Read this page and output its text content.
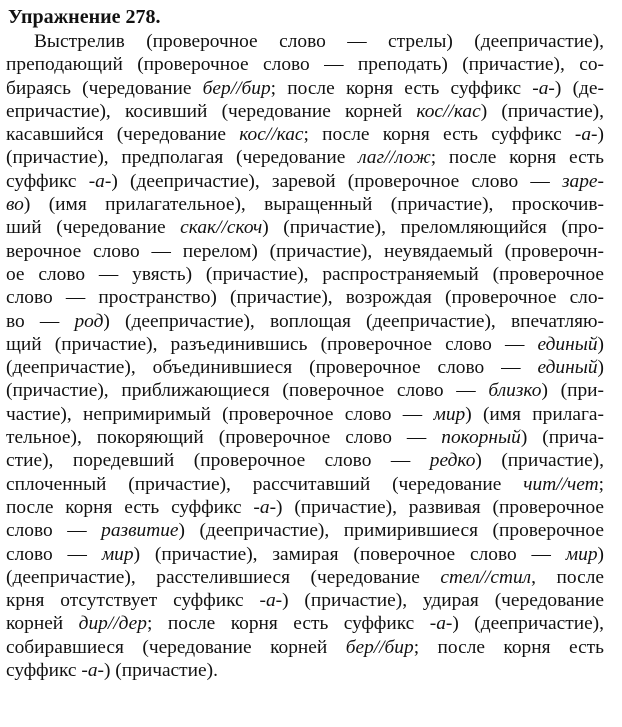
Упражнение 278.
Выстрелив (проверочное слово — стрелы) (деепричастие),
преподающий (проверочное слово — преподать) (причастие), со-
бираясь (чередование бер//бир; после корня есть суффикс -а-) (де-
епричастие), косивший (чередование корней кос//кас) (причастие),
касавшийся (чередование кос//кас; после корня есть суффикс -а-)
(причастие), предполагая (чередование лаг//лож; после корня есть
суффикс -а-) (деепричастие), заревой (проверочное слово — заре-
во) (имя прилагательное), выращенный (причастие), проскочив-
ший (чередование скак//скоч) (причастие), преломляющийся (про-
верочное слово — перелом) (причастие), неувядаемый (проверочн-
ое слово — увясть) (причастие), распространяемый (проверочное
слово — пространство) (причастие), возрождая (проверочное сло-
во — род) (деепричастие), воплощая (деепричастие), впечатляю-
щий (причастие), разъединившись (проверочное слово — единый)
(деепричастие), объединившиеся (проверочное слово — единый)
(причастие), приближающиеся (поверочное слово — близко) (при-
частие), непримиримый (проверочное слово — мир) (имя прилага-
тельное), покоряющий (проверочное слово — покорный) (прича-
стие), поредевший (проверочное слово — редко) (причастие),
сплоченный (причастие), рассчитавший (чередование чит//чет;
после корня есть суффикс -а-) (причастие), развивая (проверочное
слово — развитие) (деепричастие), примирившиеся (проверочное
слово — мир) (причастие), замирая (поверочное слово — мир)
(деепричастие), расстелившиеся (чередование стел//стил, после
крня отсутствует суффикс -а-) (причастие), удирая (чередование
корней дир//дер; после корня есть суффикс -а-) (деепричастие),
собиравшиеся (чередование корней бер//бир; после корня есть
суффикс -а-) (причастие).
